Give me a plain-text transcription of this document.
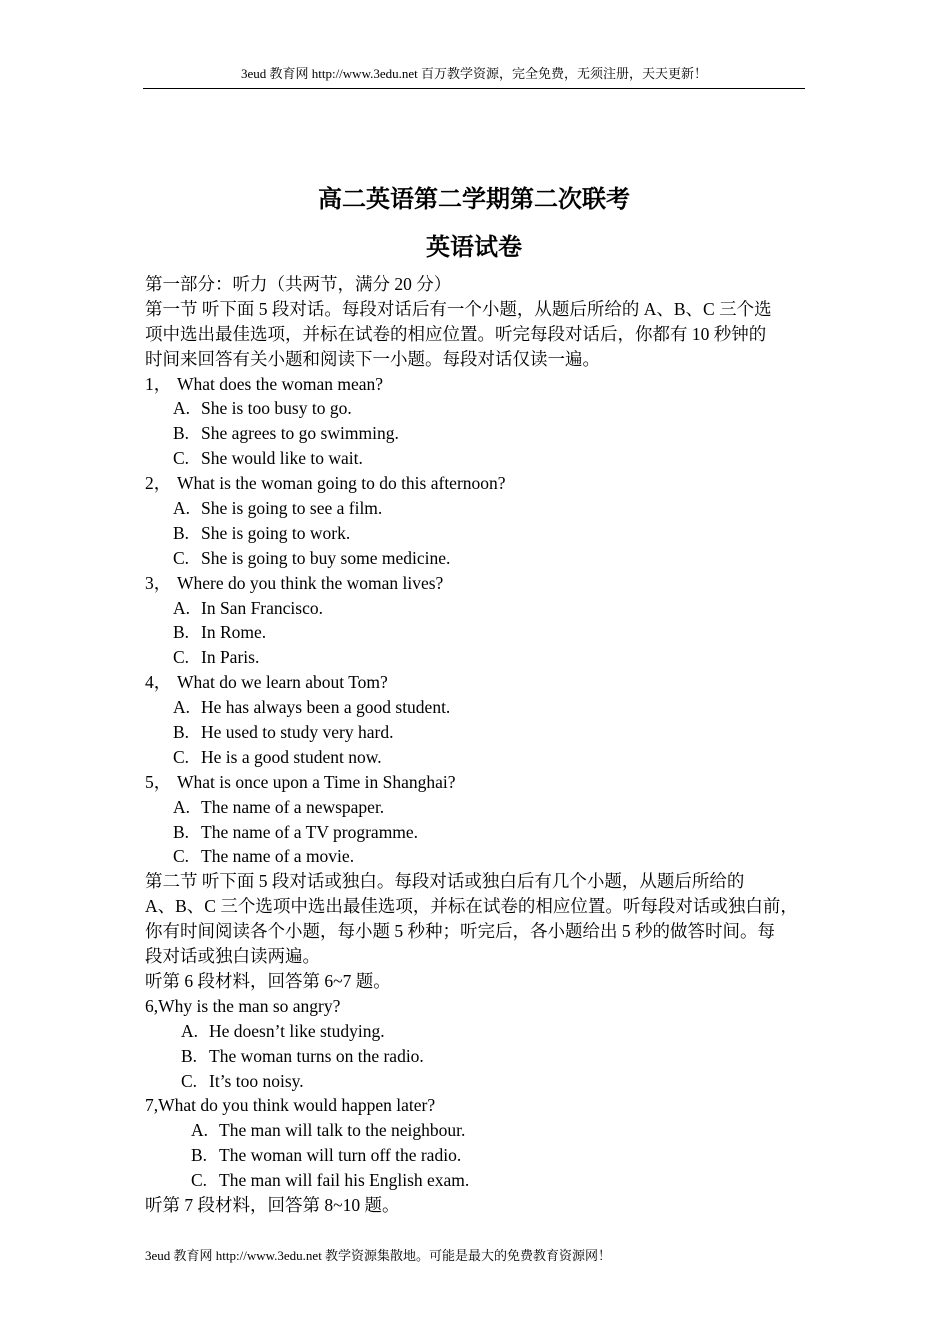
3eud 教育网 http://www.3edu.net 百万教学资源，完全免费，无须注册，天天更新！
高二英语第二学期第二次联考
英语试卷
第一部分：听力（共两节，满分 20 分）
第一节 听下面 5 段对话。每段对话后有一个小题，从题后所给的 A、B、C 三个选
项中选出最佳选项，并标在试卷的相应位置。听完每段对话后，你都有 10 秒钟的
时间来回答有关小题和阅读下一小题。每段对话仅读一遍。
1， What does the woman mean?
A. She is too busy to go.
B. She agrees to go swimming.
C. She would like to wait.
2， What is the woman going to do this afternoon?
A. She is going to see a film.
B. She is going to work.
C. She is going to buy some medicine.
3， Where do you think the woman lives?
A. In San Francisco.
B. In Rome.
C. In Paris.
4， What do we learn about Tom?
A. He has always been a good student.
B. He used to study very hard.
C. He is a good student now.
5， What is once upon a Time in Shanghai?
A. The name of a newspaper.
B. The name of a TV programme.
C. The name of a movie.
第二节 听下面 5 段对话或独白。每段对话或独白后有几个小题，从题后所给的
A、B、C 三个选项中选出最佳选项，并标在试卷的相应位置。听每段对话或独白前，
你有时间阅读各个小题，每小题 5 秒种；听完后，各小题给出 5 秒的做答时间。每
段对话或独白读两遍。
听第 6 段材料，回答第 6~7 题。
6,Why is the man so angry?
A. He doesn’t like studying.
B. The woman turns on the radio.
C. It’s too noisy.
7,What do you think would happen later?
A. The man will talk to the neighbour.
B. The woman will turn off the radio.
C. The man will fail his English exam.
听第 7 段材料，回答第 8~10 题。
3eud 教育网 http://www.3edu.net 教学资源集散地。可能是最大的免费教育资源网！
